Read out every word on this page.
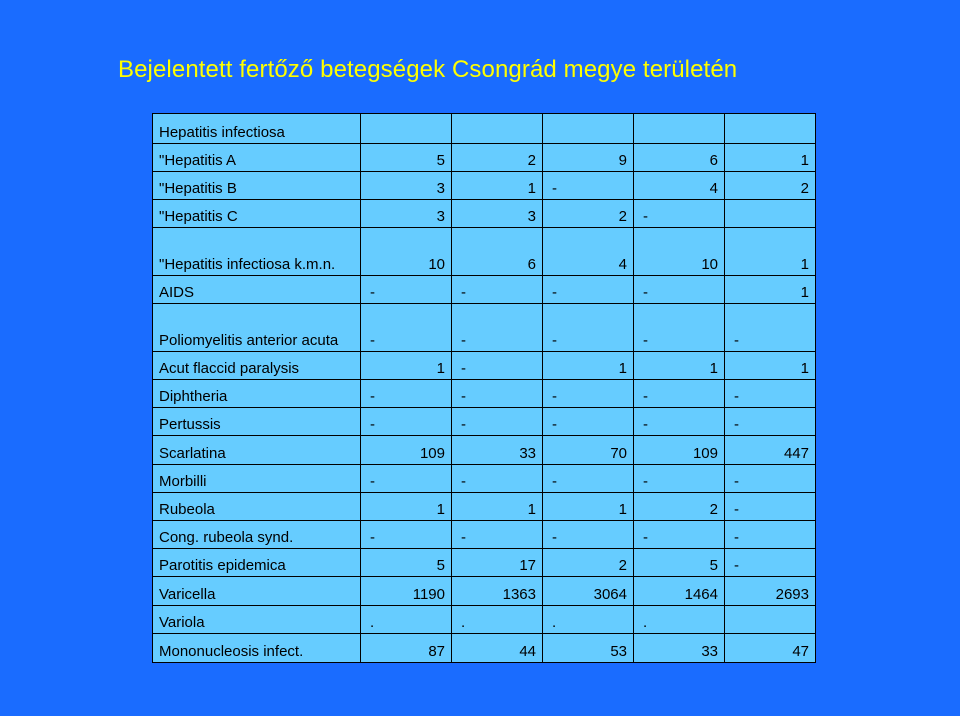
Bejelentett fertőző betegségek Csongrád megye területén
Hepatitis infectiosa					
"Hepatitis A	5	2	9	6	1
"Hepatitis B	3	1	-	4	2
"Hepatitis C	3	3	2	-	
"Hepatitis infectiosa k.m.n.	10	6	4	10	1
AIDS	-	-	-	-	1
Poliomyelitis anterior acuta	-	-	-	-	-
Acut flaccid paralysis	1	-	1	1	1
Diphtheria	-	-	-	-	-
Pertussis	-	-	-	-	-
Scarlatina	109	33	70	109	447
Morbilli	-	-	-	-	-
Rubeola	1	1	1	2	-
Cong. rubeola synd.	-	-	-	-	-
Parotitis epidemica	5	17	2	5	-
Varicella	1190	1363	3064	1464	2693
Variola	.	.	.	.	
Mononucleosis infect.	87	44	53	33	47
